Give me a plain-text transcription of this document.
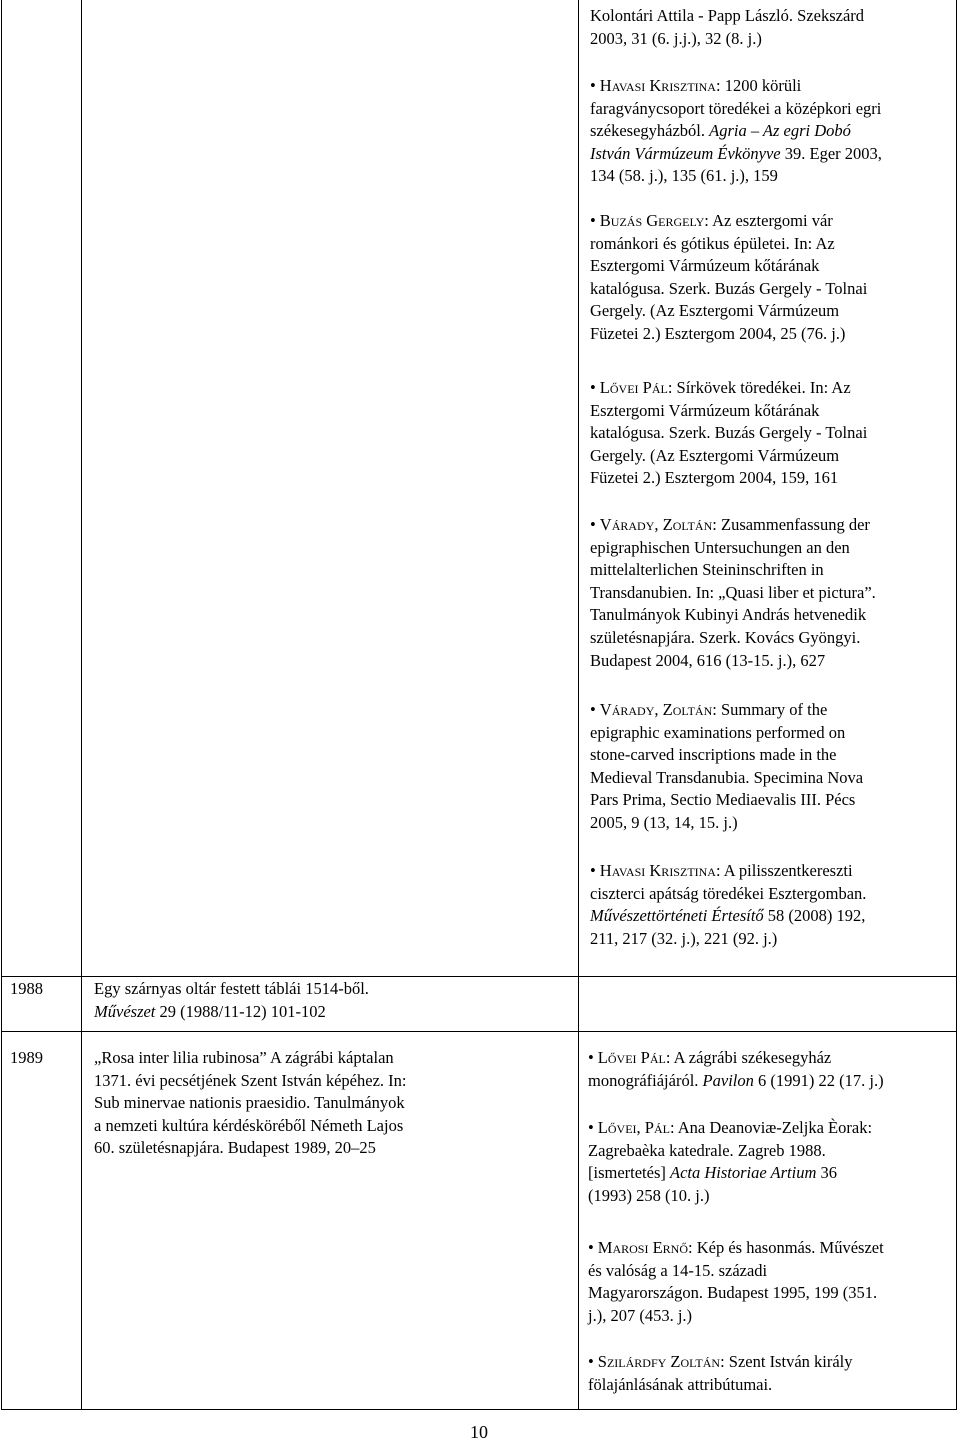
Kolontári Attila - Papp László. Szekszárd
2003, 31 (6. j.j.), 32 (8. j.)
• Havasi Krisztina: 1200 körüli
faragványcsoport töredékei a középkori egri
székesegyházból. Agria – Az egri Dobó
István Vármúzeum Évkönyve 39. Eger 2003,
134 (58. j.), 135 (61. j.), 159
• Buzás Gergely: Az esztergomi vár
románkori és gótikus épületei. In: Az
Esztergomi Vármúzeum kőtárának
katalógusa. Szerk. Buzás Gergely - Tolnai
Gergely. (Az Esztergomi Vármúzeum
Füzetei 2.) Esztergom 2004, 25 (76. j.)
• Lővei Pál: Sírkövek töredékei. In: Az
Esztergomi Vármúzeum kőtárának
katalógusa. Szerk. Buzás Gergely - Tolnai
Gergely. (Az Esztergomi Vármúzeum
Füzetei 2.) Esztergom 2004, 159, 161
• Várady, Zoltán: Zusammenfassung der
epigraphischen Untersuchungen an den
mittelalterlichen Steininschriften in
Transdanubien. In: „Quasi liber et pictura”.
Tanulmányok Kubinyi András hetvenedik
születésnapjára. Szerk. Kovács Gyöngyi.
Budapest 2004, 616 (13-15. j.), 627
• Várady, Zoltán: Summary of the
epigraphic examinations performed on
stone-carved inscriptions made in the
Medieval Transdanubia. Specimina Nova
Pars Prima, Sectio Mediaevalis III. Pécs
2005, 9 (13, 14, 15. j.)
• Havasi Krisztina: A pilisszentkereszti
ciszterci apátság töredékei Esztergomban.
Művészettörténeti Értesítő 58 (2008) 192,
211, 217 (32. j.), 221 (92. j.)
1988	Egy szárnyas oltár festett táblái 1514-ből.
Művészet 29 (1988/11-12) 101-102
1989	„Rosa inter lilia rubinosa” A zágrábi káptalan
1371. évi pecsétjének Szent István képéhez. In:
Sub minervae nationis praesidio. Tanulmányok
a nemzeti kultúra kérdésköréből Németh Lajos
60. születésnapjára. Budapest 1989, 20–25
• Lővei Pál: A zágrábi székesegyház
monográfiájáról. Pavilon 6 (1991) 22 (17. j.)
• Lővei, Pál: Ana Deanoviæ-Zeljka Èorak:
Zagrebaèka katedrale. Zagreb 1988.
[ismertetés] Acta Historiae Artium 36
(1993) 258 (10. j.)
• Marosi Ernő: Kép és hasonmás. Művészet
és valóság a 14-15. századi
Magyarországon. Budapest 1995, 199 (351.
j.), 207 (453. j.)
• Szilárdfy Zoltán: Szent István király
fölajánlásának attribútumai.
10
